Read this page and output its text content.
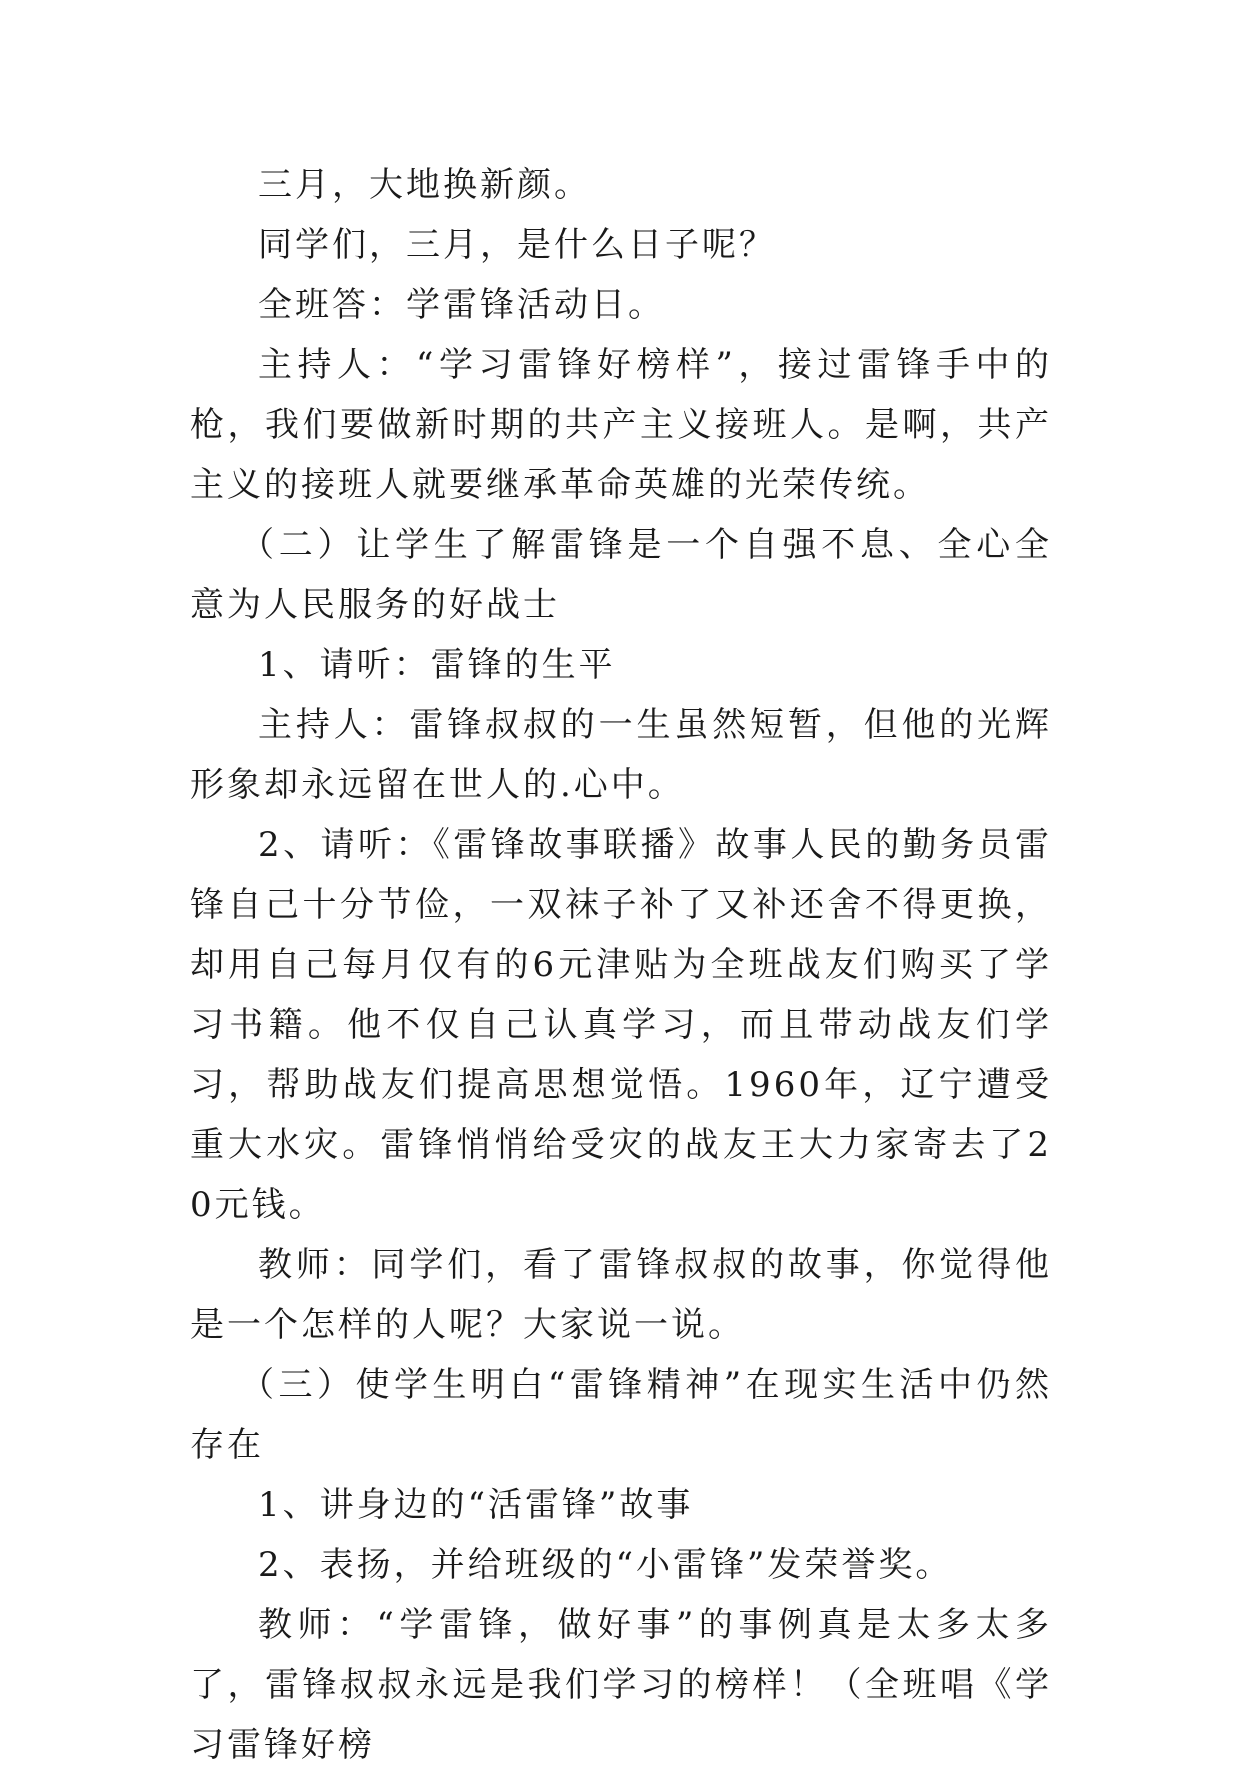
三月，大地换新颜。

同学们，三月，是什么日子呢？

全班答：学雷锋活动日。

主持人：“学习雷锋好榜样”，接过雷锋手中的枪，我们要做新时期的共产主义接班人。是啊，共产主义的接班人就要继承革命英雄的光荣传统。

（二）让学生了解雷锋是一个自强不息、全心全意为人民服务的好战士

1、请听：雷锋的生平

主持人：雷锋叔叔的一生虽然短暂，但他的光辉形象却永远留在世人的.心中。

2、请听：《雷锋故事联播》故事人民的勤务员雷锋自己十分节俭，一双袜子补了又补还舍不得更换，却用自己每月仅有的6元津贴为全班战友们购买了学习书籍。他不仅自己认真学习，而且带动战友们学习，帮助战友们提高思想觉悟。1960年，辽宁遭受重大水灾。雷锋悄悄给受灾的战友王大力家寄去了20元钱。

教师：同学们，看了雷锋叔叔的故事，你觉得他是一个怎样的人呢？大家说一说。

（三）使学生明白“雷锋精神”在现实生活中仍然存在

1、讲身边的“活雷锋”故事

2、表扬，并给班级的“小雷锋”发荣誉奖。

教师：“学雷锋，做好事”的事例真是太多太多了，雷锋叔叔永远是我们学习的榜样！（全班唱《学习雷锋好榜
